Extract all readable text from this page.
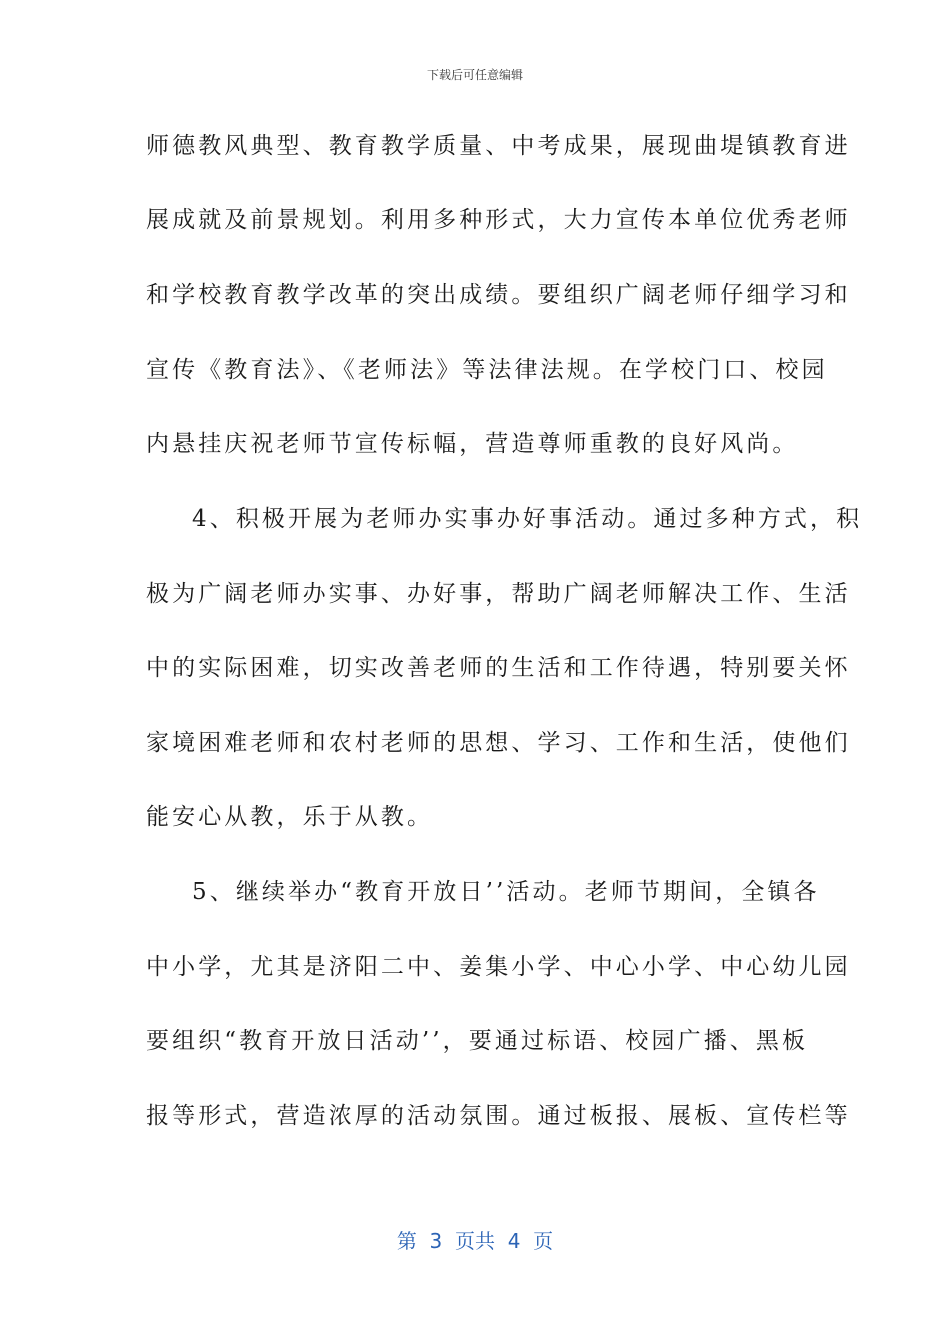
下载后可任意编辑
师德教风典型、教育教学质量、中考成果，展现曲堤镇教育进
展成就及前景规划。利用多种形式，大力宣传本单位优秀老师
和学校教育教学改革的突出成绩。要组织广阔老师仔细学习和
宣传《教育法》、《老师法》等法律法规。在学校门口、校园
内悬挂庆祝老师节宣传标幅，营造尊师重教的良好风尚。
4、积极开展为老师办实事办好事活动。通过多种方式，积
极为广阔老师办实事、办好事，帮助广阔老师解决工作、生活
中的实际困难，切实改善老师的生活和工作待遇，特别要关怀
家境困难老师和农村老师的思想、学习、工作和生活，使他们
能安心从教，乐于从教。
5、继续举办“教育开放日’’活动。老师节期间，全镇各
中小学，尤其是济阳二中、姜集小学、中心小学、中心幼儿园
要组织“教育开放日活动’’，要通过标语、校园广播、黑板
报等形式，营造浓厚的活动氛围。通过板报、展板、宣传栏等
第  3  页共  4  页
